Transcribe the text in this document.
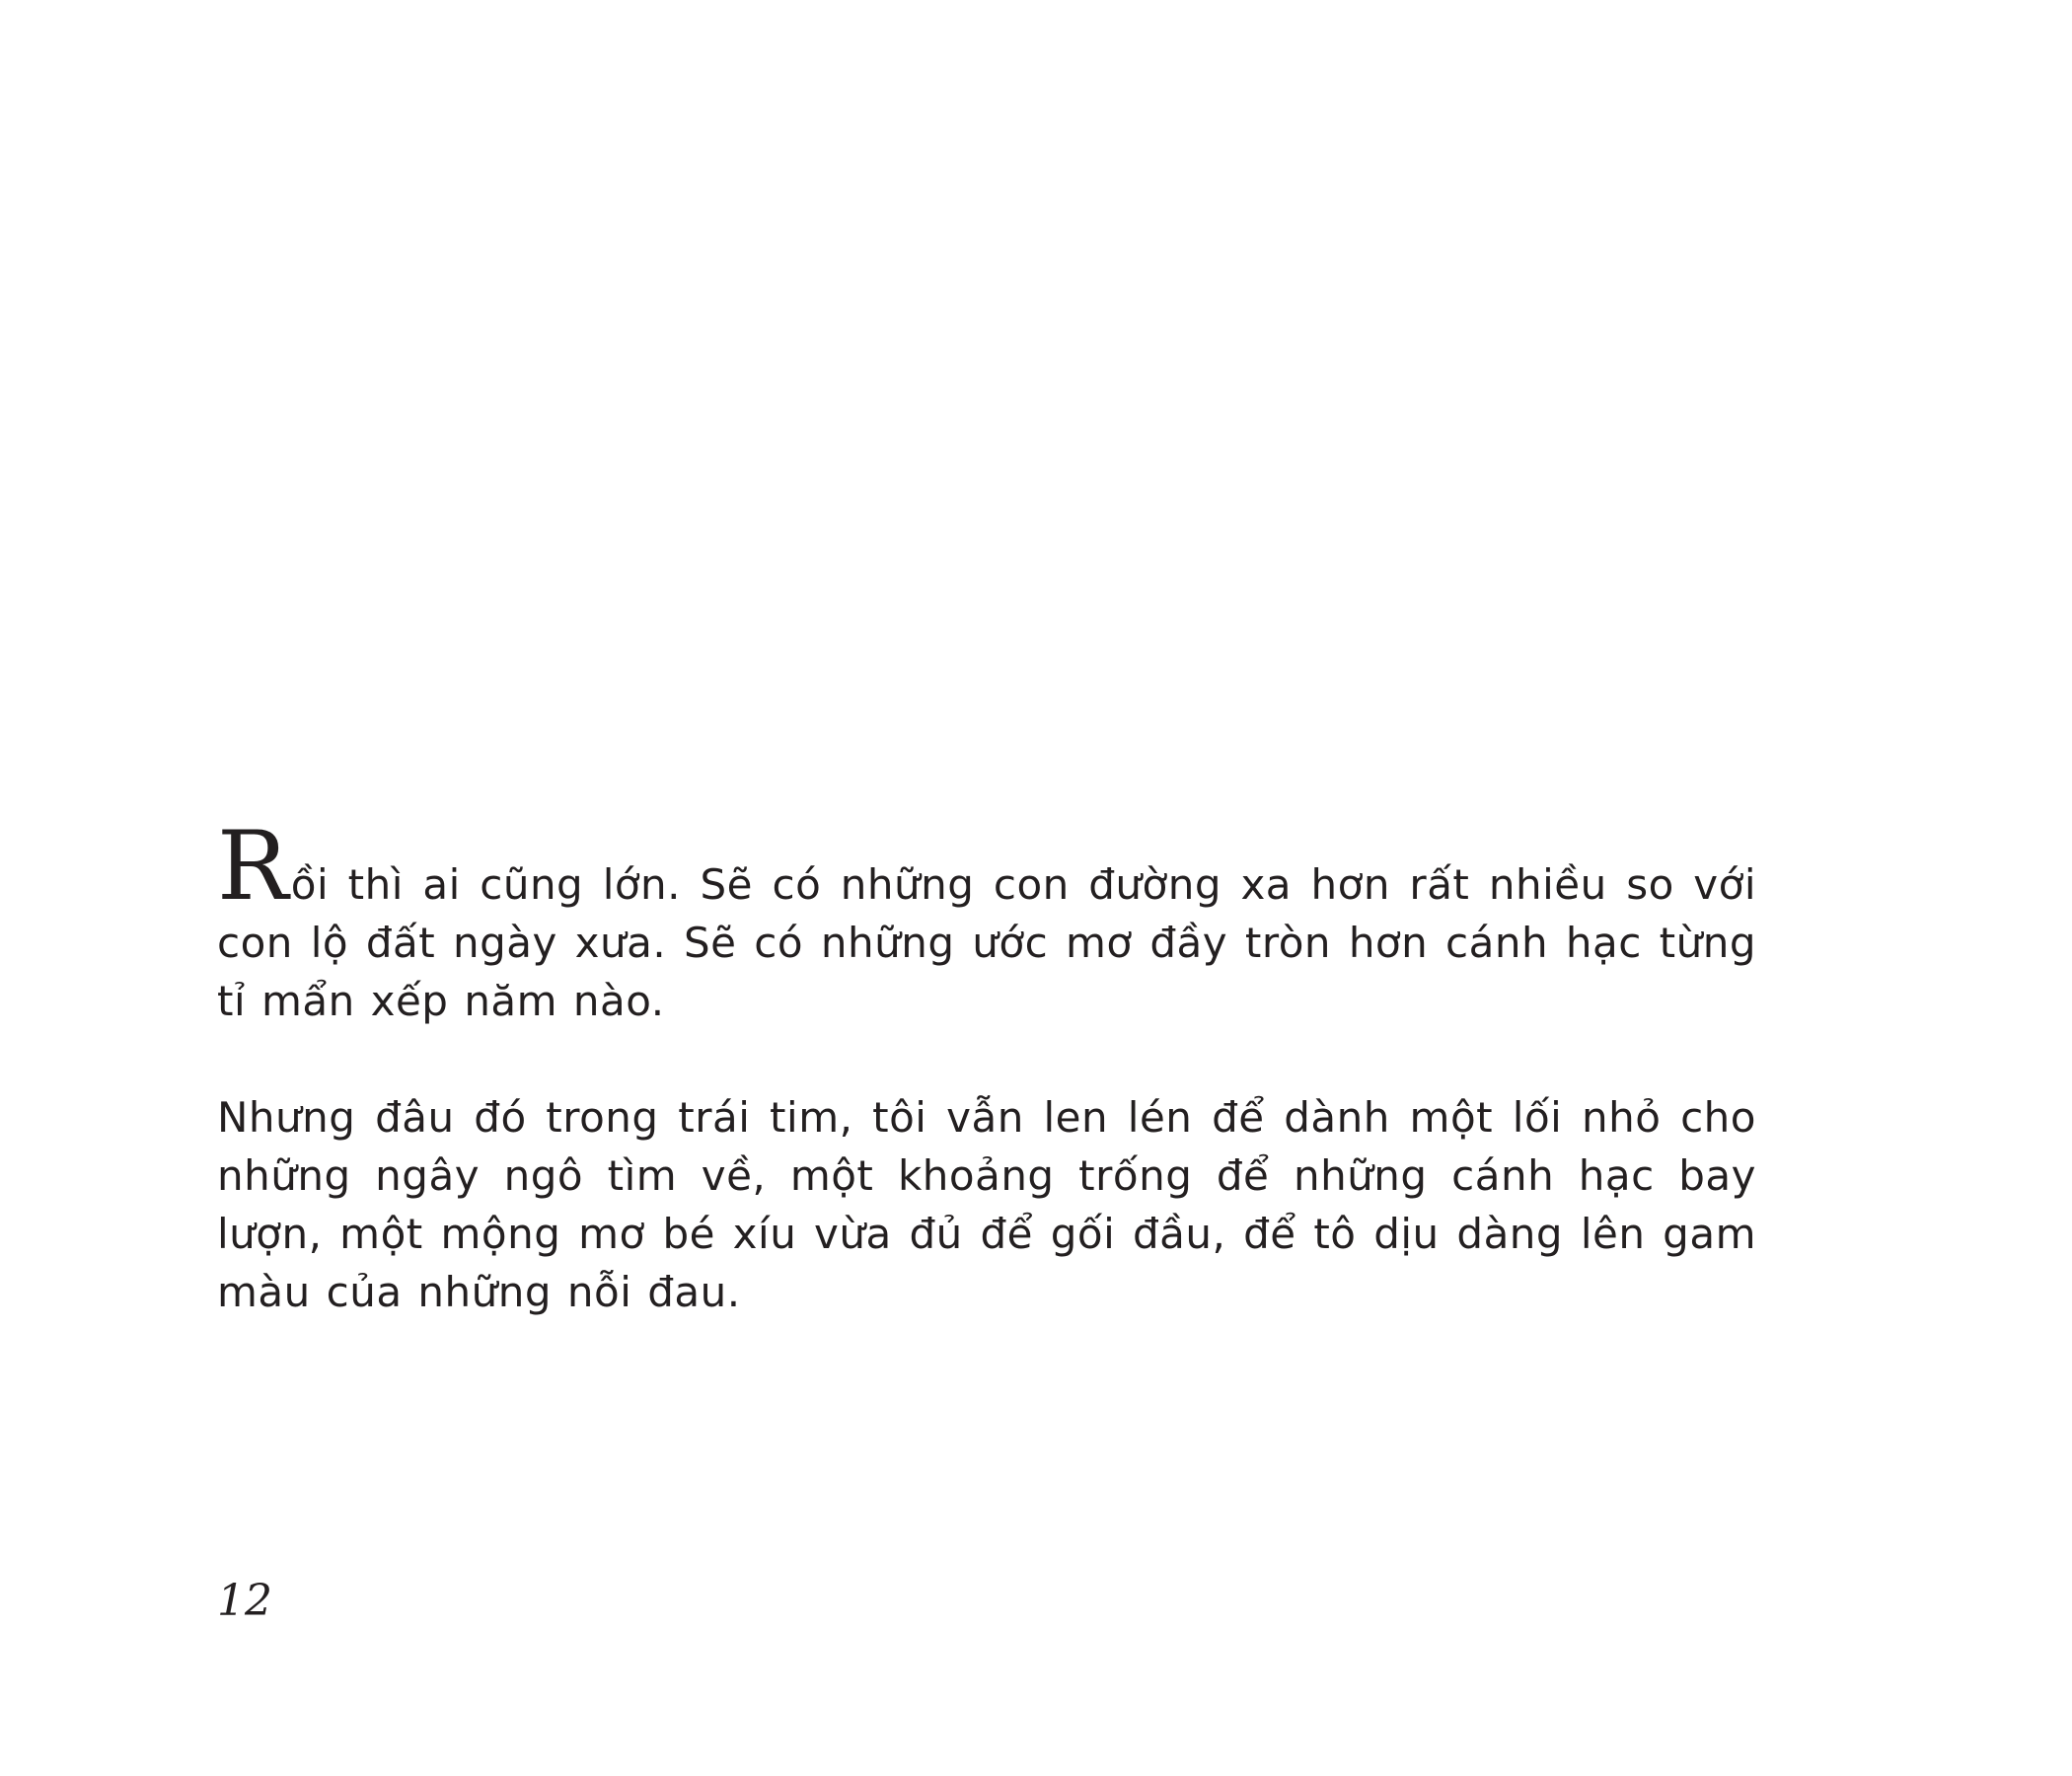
Rồi thì ai cũng lớn. Sẽ có những con đường xa hơn rất nhiều so với con lộ đất ngày xưa. Sẽ có những ước mơ đầy tròn hơn cánh hạc từng tỉ mẩn xếp năm nào.

Nhưng đâu đó trong trái tim, tôi vẫn len lén để dành một lối nhỏ cho những ngây ngô tìm về, một khoảng trống để những cánh hạc bay lượn, một mộng mơ bé xíu vừa đủ để gối đầu, để tô dịu dàng lên gam màu của những nỗi đau.

12
